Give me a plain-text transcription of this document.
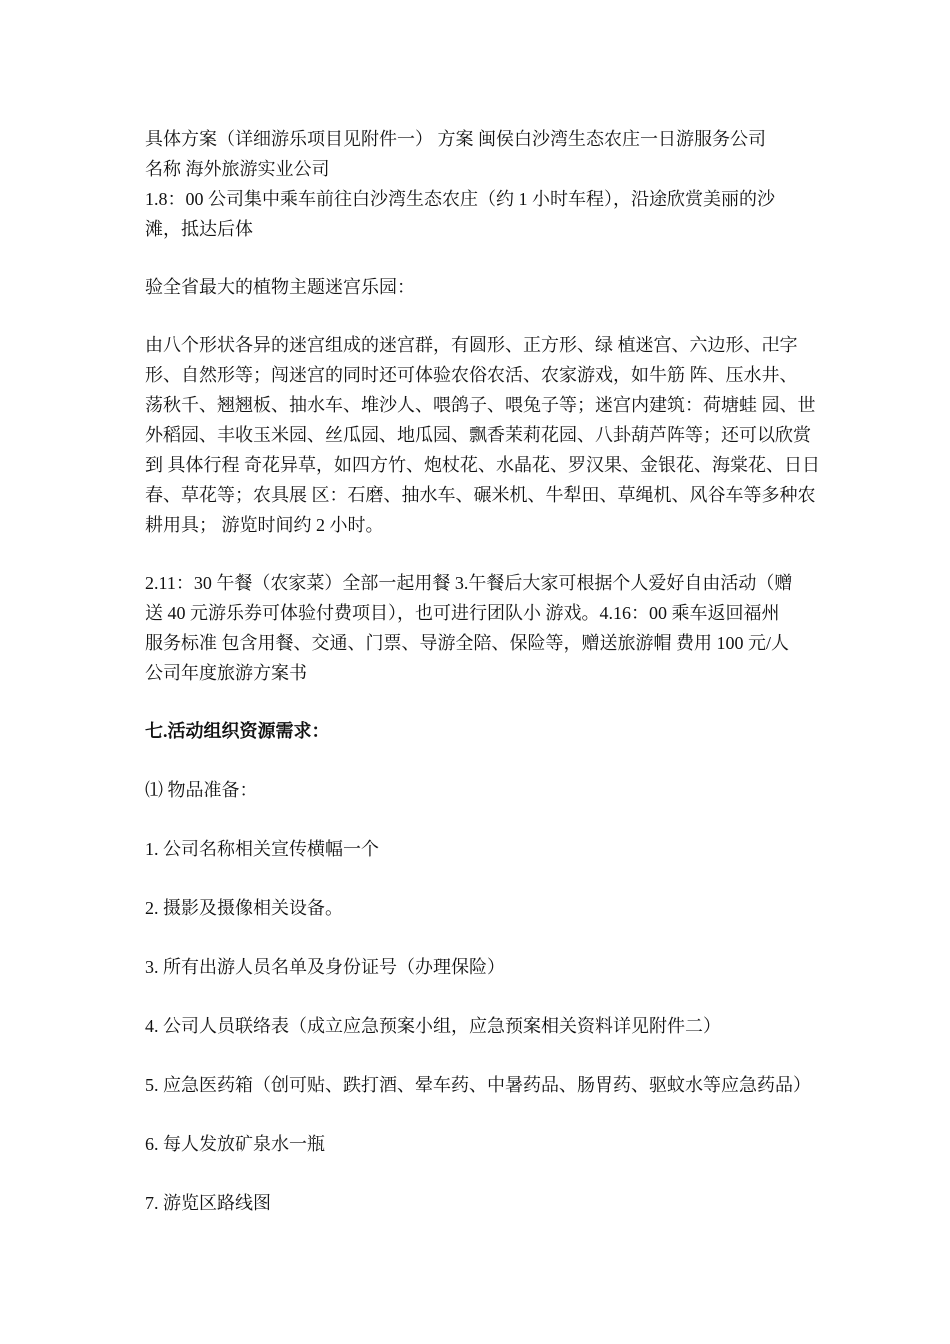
具体方案（详细游乐项目见附件一） 方案 闽侯白沙湾生态农庄一日游服务公司

名称 海外旅游实业公司

1.8：00 公司集中乘车前往白沙湾生态农庄（约 1 小时车程），沿途欣赏美丽的沙

滩，抵达后体

验全省最大的植物主题迷宫乐园：

由八个形状各异的迷宫组成的迷宫群，有圆形、正方形、绿 植迷宫、六边形、卍字

形、自然形等；闯迷宫的同时还可体验农俗农活、农家游戏，如牛筋 阵、压水井、

荡秋千、翘翘板、抽水车、堆沙人、喂鸽子、喂兔子等；迷宫内建筑：荷塘蛙 园、世

外稻园、丰收玉米园、丝瓜园、地瓜园、飘香茉莉花园、八卦葫芦阵等；还可以欣赏

到 具体行程 奇花异草，如四方竹、炮杖花、水晶花、罗汉果、金银花、海棠花、日日

春、草花等；农具展 区：石磨、抽水车、碾米机、牛犁田、草绳机、风谷车等多种农

耕用具； 游览时间约 2 小时。

2.11：30 午餐（农家菜）全部一起用餐 3.午餐后大家可根据个人爱好自由活动（赠

送 40 元游乐券可体验付费项目），也可进行团队小 游戏。4.16：00 乘车返回福州

服务标准 包含用餐、交通、门票、导游全陪、保险等，赠送旅游帽 费用 100 元/人

公司年度旅游方案书

七.活动组织资源需求：

⑴ 物品准备：

1. 公司名称相关宣传横幅一个

2. 摄影及摄像相关设备。

3. 所有出游人员名单及身份证号（办理保险）

4. 公司人员联络表（成立应急预案小组，应急预案相关资料详见附件二）

5. 应急医药箱（创可贴、跌打酒、晕车药、中暑药品、肠胃药、驱蚊水等应急药品）

6. 每人发放矿泉水一瓶

7. 游览区路线图
